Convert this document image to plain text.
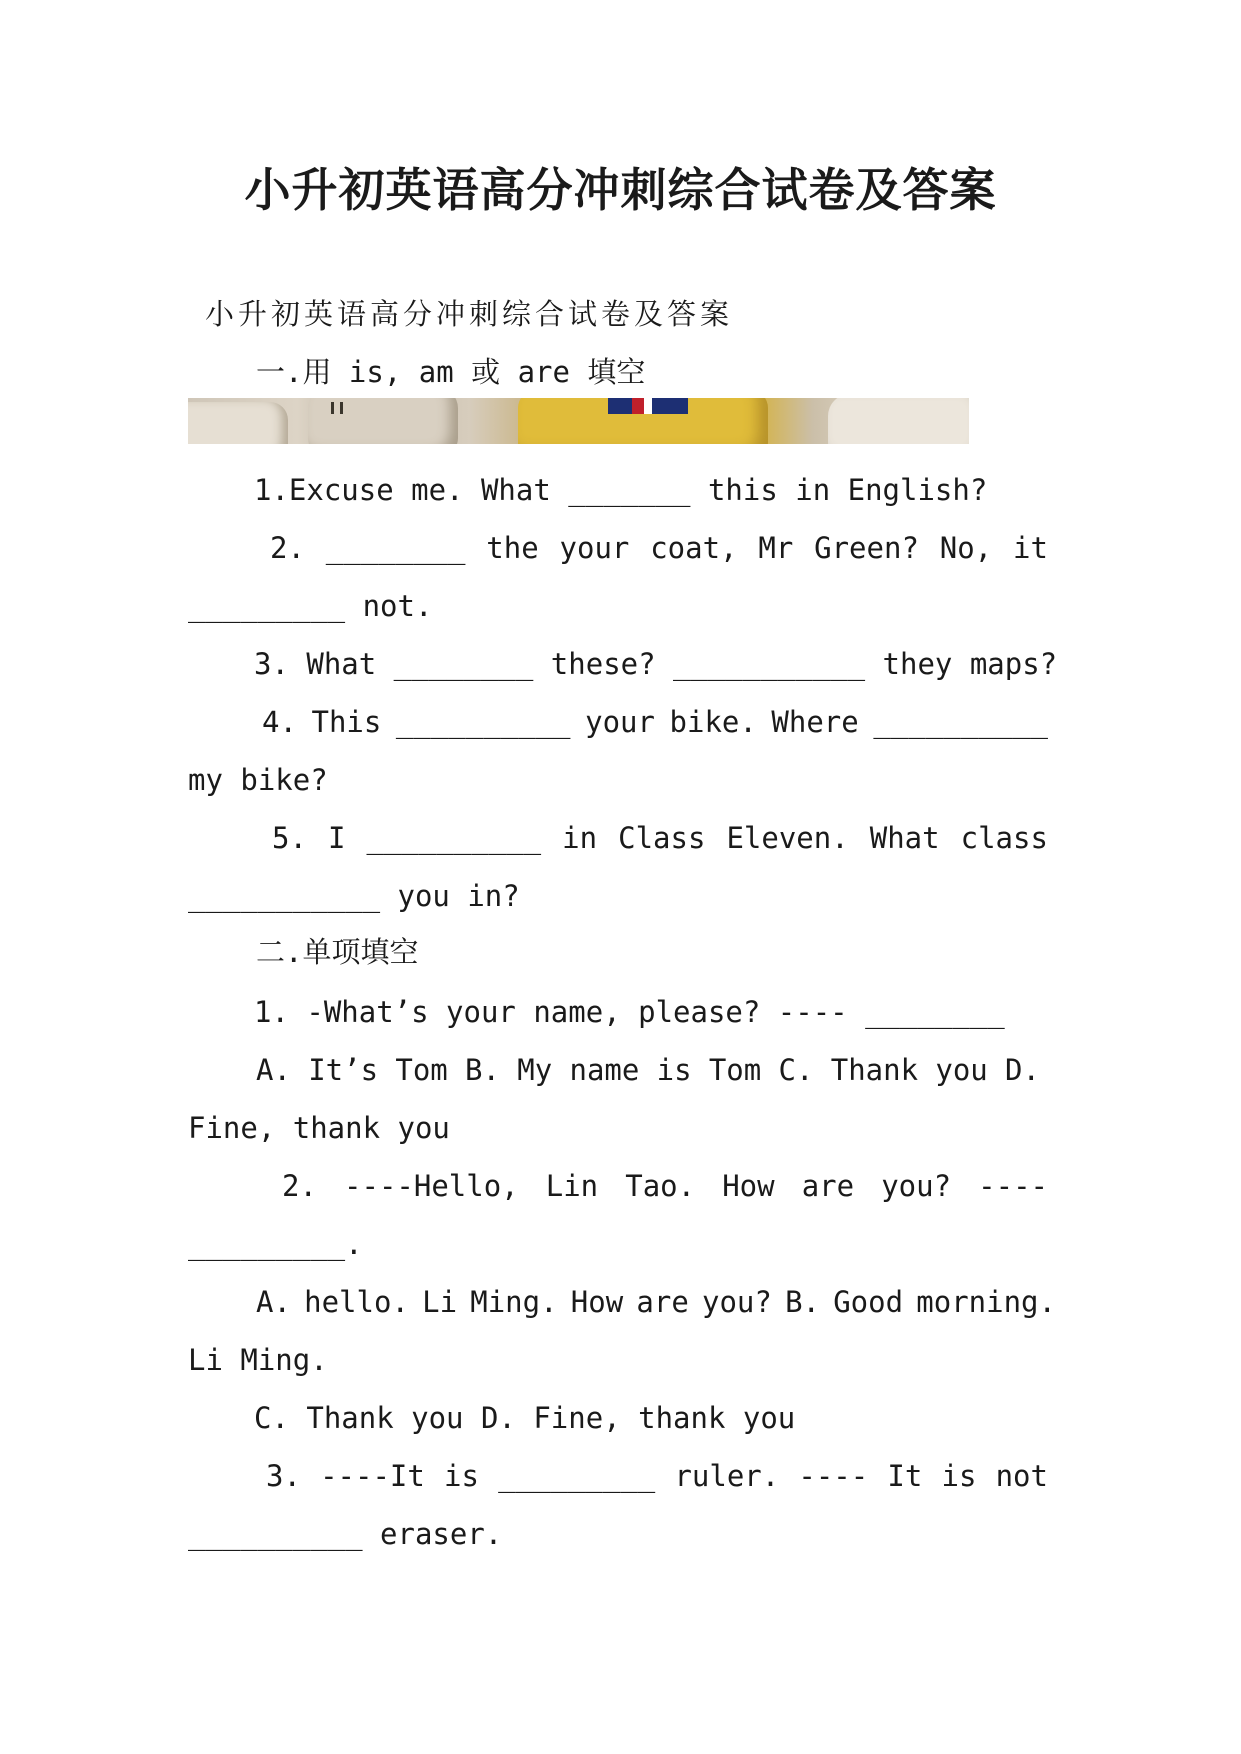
小升初英语高分冲刺综合试卷及答案

小升初英语高分冲刺综合试卷及答案

一.用 is, am 或 are 填空

1.Excuse me. What _______ this in English?

2. ________ the your coat, Mr Green? No, it

_________ not.

3. What ________ these? ___________ they maps?

4. This __________ your bike. Where __________

my bike?

5. I __________ in Class Eleven. What class

___________ you in?

二.单项填空

1. -What’s your name, please? ---- ________

A. It’s Tom B. My name is Tom C. Thank you D.

Fine, thank you

2. ----Hello, Lin Tao. How are you? ----

_________.

A. hello. Li Ming. How are you? B. Good morning.

Li Ming.

C. Thank you D. Fine, thank you

3. ----It is _________ ruler. ---- It is not

__________ eraser.
